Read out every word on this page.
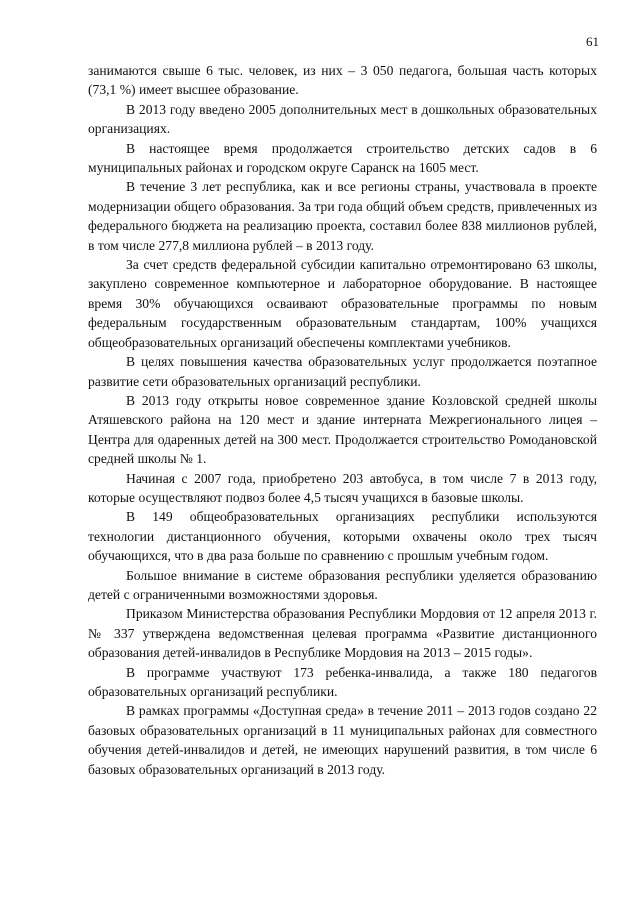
61

занимаются свыше 6 тыс. человек, из них – 3 050 педагога, большая часть которых (73,1 %) имеет высшее образование.

В 2013 году введено 2005 дополнительных мест в дошкольных образовательных организациях.

В настоящее время продолжается строительство детских садов в 6 муниципальных районах и городском округе Саранск на 1605 мест.

В течение 3 лет республика, как и все регионы страны, участвовала в проекте модернизации общего образования. За три года общий объем средств, привлеченных из федерального бюджета на реализацию проекта, составил более 838 миллионов рублей, в том числе 277,8 миллиона рублей – в 2013 году.

За счет средств федеральной субсидии капитально отремонтировано 63 школы, закуплено современное компьютерное и лабораторное оборудование. В настоящее время 30% обучающихся осваивают образовательные программы по новым федеральным государственным образовательным стандартам, 100% учащихся общеобразовательных организаций обеспечены комплектами учебников.

В целях повышения качества образовательных услуг продолжается поэтапное развитие сети образовательных организаций республики.

В 2013 году открыты новое современное здание Козловской средней школы Атяшевского района на 120 мест и здание интерната Межрегионального лицея – Центра для одаренных детей на 300 мест. Продолжается строительство Ромодановской средней школы № 1.

Начиная с 2007 года, приобретено 203 автобуса, в том числе 7 в 2013 году, которые осуществляют подвоз более 4,5 тысяч учащихся в базовые школы.

В 149 общеобразовательных организациях республики используются технологии дистанционного обучения, которыми охвачены около трех тысяч обучающихся, что в два раза больше по сравнению с прошлым учебным годом.

Большое внимание в системе образования республики уделяется образованию детей с ограниченными возможностями здоровья.

Приказом Министерства образования Республики Мордовия от 12 апреля 2013 г. № 337 утверждена ведомственная целевая программа «Развитие дистанционного образования детей-инвалидов в Республике Мордовия на 2013 – 2015 годы».

В программе участвуют 173 ребенка-инвалида, а также 180 педагогов образовательных организаций республики.

В рамках программы «Доступная среда» в течение 2011 – 2013 годов создано 22 базовых образовательных организаций в 11 муниципальных районах для совместного обучения детей-инвалидов и детей, не имеющих нарушений развития, в том числе 6 базовых образовательных организаций в 2013 году.
